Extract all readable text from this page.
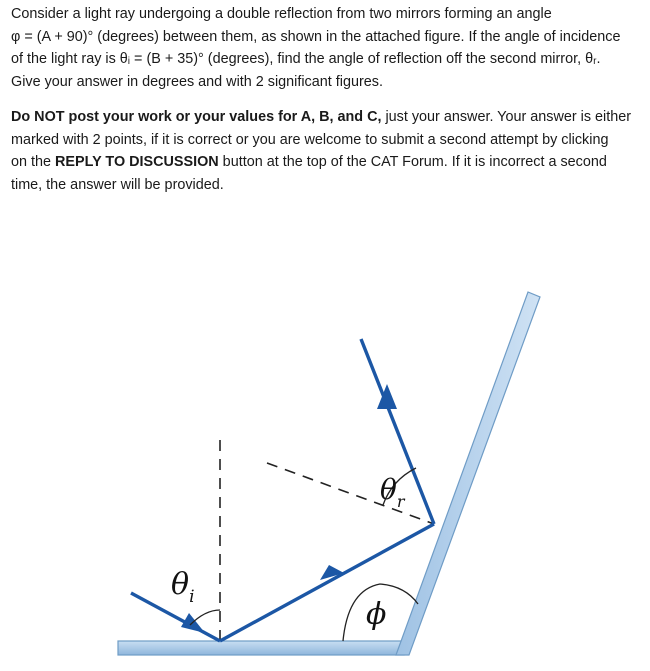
Consider a light ray undergoing a double reflection from two mirrors forming an angle
φ = (A + 90)° (degrees) between them, as shown in the attached figure. If the angle of incidence
of the light ray is θᵢ = (B + 35)° (degrees), find the angle of reflection off the second mirror, θᵣ.
Give your answer in degrees and with 2 significant figures.
Do NOT post your work or your values for A, B, and C, just your answer. Your answer is either
marked with 2 points, if it is correct or you are welcome to submit a second attempt by clicking
on the REPLY TO DISCUSSION button at the top of the CAT Forum. If it is incorrect a second
time, the answer will be provided.
$\theta_i$
$\theta_r$
ϕ
